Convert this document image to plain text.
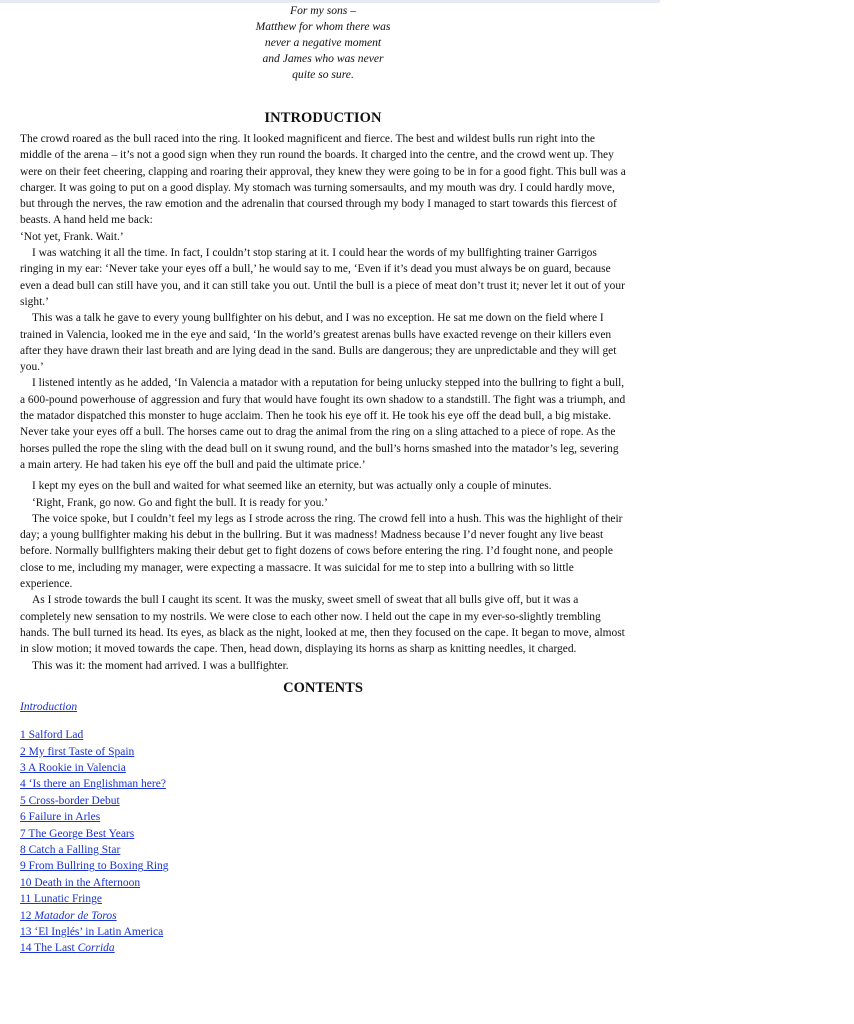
For my sons –
Matthew for whom there was
never a negative moment
and James who was never
quite so sure.
INTRODUCTION

The crowd roared as the bull raced into the ring. It looked magnificent and fierce. The best and wildest bulls run right into the middle of the arena – it’s not a good sign when they run round the boards. It charged into the centre, and the crowd went up. They were on their feet cheering, clapping and roaring their approval, they knew they were going to be in for a good fight. This bull was a charger. It was going to put on a good display. My stomach was turning somersaults, and my mouth was dry. I could hardly move, but through the nerves, the raw emotion and the adrenalin that coursed through my body I managed to start towards this fiercest of beasts. A hand held me back:

‘Not yet, Frank. Wait.’

I was watching it all the time. In fact, I couldn’t stop staring at it. I could hear the words of my bullfighting trainer Garrigos ringing in my ear: ‘Never take your eyes off a bull,’ he would say to me, ‘Even if it’s dead you must always be on guard, because even a dead bull can still have you, and it can still take you out. Until the bull is a piece of meat don’t trust it; never let it out of your sight.’

This was a talk he gave to every young bullfighter on his debut, and I was no exception. He sat me down on the field where I trained in Valencia, looked me in the eye and said, ‘In the world’s greatest arenas bulls have exacted revenge on their killers even after they have drawn their last breath and are lying dead in the sand. Bulls are dangerous; they are unpredictable and they will get you.’

I listened intently as he added, ‘In Valencia a matador with a reputation for being unlucky stepped into the bullring to fight a bull, a 600-pound powerhouse of aggression and fury that would have fought its own shadow to a standstill. The fight was a triumph, and the matador dispatched this monster to huge acclaim. Then he took his eye off it. He took his eye off the dead bull, a big mistake. Never take your eyes off a bull. The horses came out to drag the animal from the ring on a sling attached to a piece of rope. As the horses pulled the rope the sling with the dead bull on it swung round, and the bull’s horns smashed into the matador’s leg, severing a main artery. He had taken his eye off the bull and paid the ultimate price.’

I kept my eyes on the bull and waited for what seemed like an eternity, but was actually only a couple of minutes.

‘Right, Frank, go now. Go and fight the bull. It is ready for you.’

The voice spoke, but I couldn’t feel my legs as I strode across the ring. The crowd fell into a hush. This was the highlight of their day; a young bullfighter making his debut in the bullring. But it was madness! Madness because I’d never fought any live beast before. Normally bullfighters making their debut get to fight dozens of cows before entering the ring. I’d fought none, and people close to me, including my manager, were expecting a massacre. It was suicidal for me to step into a bullring with so little experience.

As I strode towards the bull I caught its scent. It was the musky, sweet smell of sweat that all bulls give off, but it was a completely new sensation to my nostrils. We were close to each other now. I held out the cape in my ever-so-slightly trembling hands. The bull turned its head. Its eyes, as black as the night, looked at me, then they focused on the cape. It began to move, almost in slow motion; it moved towards the cape. Then, head down, displaying its horns as sharp as knitting needles, it charged.

This was it: the moment had arrived. I was a bullfighter.

CONTENTS
Introduction
1 Salford Lad
2 My first Taste of Spain
3 A Rookie in Valencia
4 ‘Is there an Englishman here?
5 Cross-border Debut
6 Failure in Arles
7 The George Best Years
8 Catch a Falling Star
9 From Bullring to Boxing Ring
10 Death in the Afternoon
11 Lunatic Fringe
12 Matador de Toros
13 ‘El Inglés’ in Latin America
14 The Last Corrida
